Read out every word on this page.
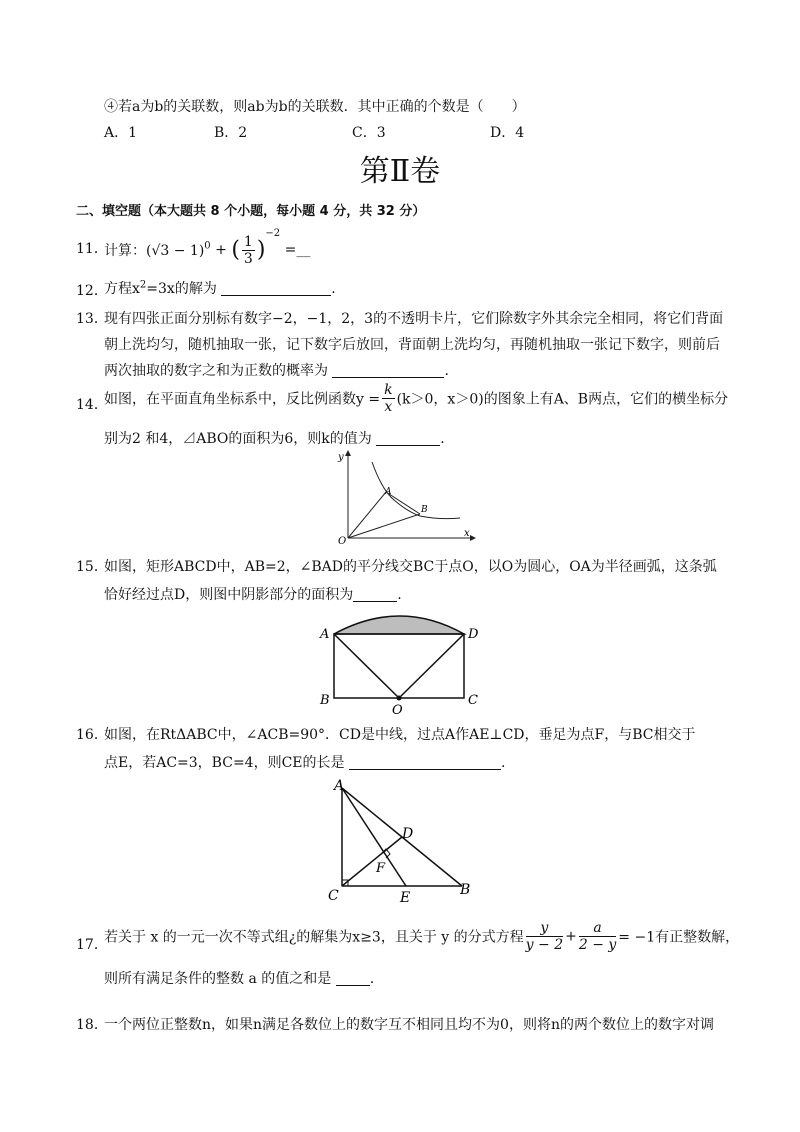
④若a为b的关联数，则ab为b的关联数．其中正确的个数是（　　）
A．1	B．2	C．3	D．4
第Ⅱ卷
二、填空题（本大题共 8 个小题，每小题 4 分，共 32 分）
11．
计算：$(√3 - 1)^0$ + ( $\frac{1}{3} )^{-2}$ =__
12．
方程$x^2=3x$的解为	.
13．
现有四张正面分别标有数字−2，−1，2，3的不透明卡片，它们除数字外其余完全相同，将它们背面
朝上洗均匀，随机抽取一张，记下数字后放回，背面朝上洗均匀，再随机抽取一张记下数字，则前后
两次抽取的数字之和为正数的概率为	.
14．
如图，在平面直角坐标系中，反比例函数$y = \frac{k}{x} (k>0$，x＞0)的图象上有A、B两点，它们的横坐标分
别为2 和4，⊿ABO的面积为6，则k的值为	.
y
x
O
A
B
15．
如图，矩形ABCD中，AB=2，∠BAD的平分线交BC于点O，以O为圆心，OA为半径画弧，这条弧
恰好经过点D，则图中阴影部分的面积为	.
A	D
B	C
O
16．
如图，在RtΔABC中，∠ACB=90°．CD是中线，过点A作AE⊥CD，垂足为点F，与BC相交于
点E，若AC=3，BC=4，则CE的长是	.
A
D
F
C	E	B
17．
若关于 x 的一元一次不等式组¿的解集为x≥3，且关于 y 的分式方程 $\frac{y}{y - 2} + \frac{a}{2 - y} = -1$有正整数解，
则所有满足条件的整数 a 的值之和是	.
18．
一个两位正整数n，如果n满足各数位上的数字互不相同且均不为0，则将n的两个数位上的数字对调
